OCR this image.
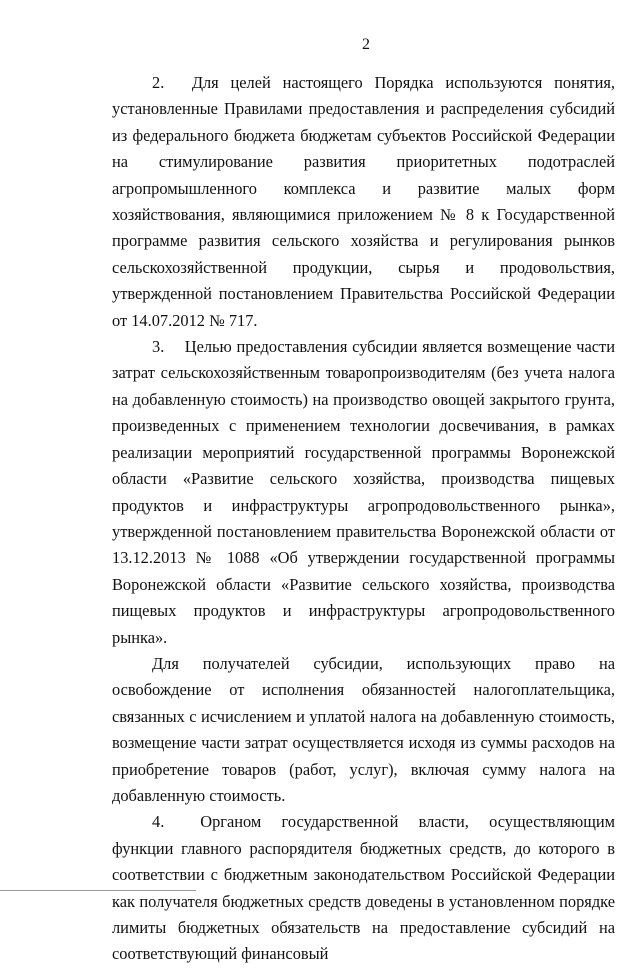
2

2. Для целей настоящего Порядка используются понятия, установленные Правилами предоставления и распределения субсидий из федерального бюджета бюджетам субъектов Российской Федерации на стимулирование развития приоритетных подотраслей агропромышленного комплекса и развитие малых форм хозяйствования, являющимися приложением № 8 к Государственной программе развития сельского хозяйства и регулирования рынков сельскохозяйственной продукции, сырья и продовольствия, утвержденной постановлением Правительства Российской Федерации от 14.07.2012 № 717.

3. Целью предоставления субсидии является возмещение части затрат сельскохозяйственным товаропроизводителям (без учета налога на добавленную стоимость) на производство овощей закрытого грунта, произведенных с применением технологии досвечивания, в рамках реализации мероприятий государственной программы Воронежской области «Развитие сельского хозяйства, производства пищевых продуктов и инфраструктуры агропродовольственного рынка», утвержденной постановлением правительства Воронежской области от 13.12.2013 № 1088 «Об утверждении государственной программы Воронежской области «Развитие сельского хозяйства, производства пищевых продуктов и инфраструктуры агропродовольственного рынка».

Для получателей субсидии, использующих право на освобождение от исполнения обязанностей налогоплательщика, связанных с исчислением и уплатой налога на добавленную стоимость, возмещение части затрат осуществляется исходя из суммы расходов на приобретение товаров (работ, услуг), включая сумму налога на добавленную стоимость.

4. Органом государственной власти, осуществляющим функции главного распорядителя бюджетных средств, до которого в соответствии с бюджетным законодательством Российской Федерации как получателя бюджетных средств доведены в установленном порядке лимиты бюджетных обязательств на предоставление субсидий на соответствующий финансовый
